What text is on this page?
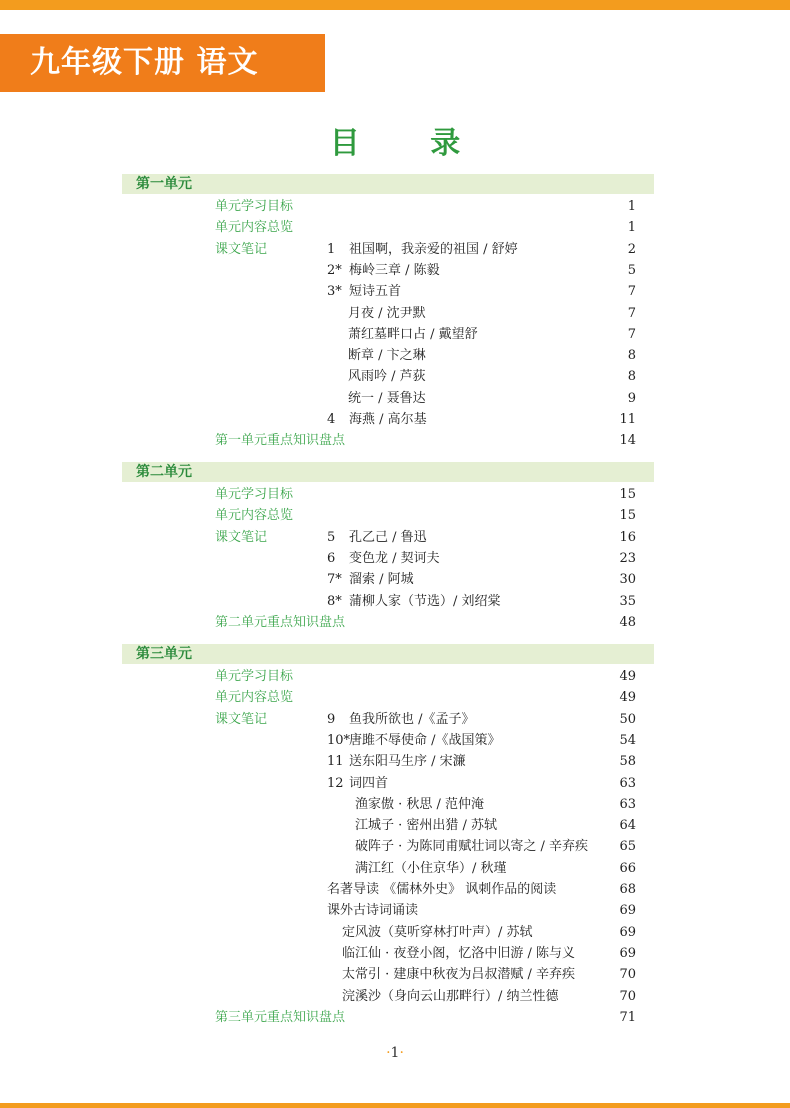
九年级下册 语文
目 录
第一单元
单元学习目标	1
单元内容总览	1
课文笔记	1 祖国啊，我亲爱的祖国 / 舒婷	2
2* 梅岭三章 / 陈毅	5
3* 短诗五首	7
月夜 / 沈尹默	7
萧红墓畔口占 / 戴望舒	7
断章 / 卞之琳	8
风雨吟 / 芦荻	8
统一 / 聂鲁达	9
4 海燕 / 高尔基	11
第一单元重点知识盘点	14
第二单元
单元学习目标	15
单元内容总览	15
课文笔记	5 孔乙己 / 鲁迅	16
6 变色龙 / 契诃夫	23
7* 溜索 / 阿城	30
8* 蒲柳人家（节选）/ 刘绍棠	35
第二单元重点知识盘点	48
第三单元
单元学习目标	49
单元内容总览	49
课文笔记	9 鱼我所欲也 /《孟子》	50
10*唐雎不辱使命 /《战国策》	54
11 送东阳马生序 / 宋濂	58
12 词四首	63
渔家傲 · 秋思 / 范仲淹	63
江城子 · 密州出猎 / 苏轼	64
破阵子 · 为陈同甫赋壮词以寄之 / 辛弃疾	65
满江红（小住京华）/ 秋瑾	66
名著导读 《儒林外史》 讽刺作品的阅读	68
课外古诗词诵读	69
定风波（莫听穿林打叶声）/ 苏轼	69
临江仙 · 夜登小阁，忆洛中旧游 / 陈与义	69
太常引 · 建康中秋夜为吕叔潜赋 / 辛弃疾	70
浣溪沙（身向云山那畔行）/ 纳兰性德	70
第三单元重点知识盘点	71
·1·
